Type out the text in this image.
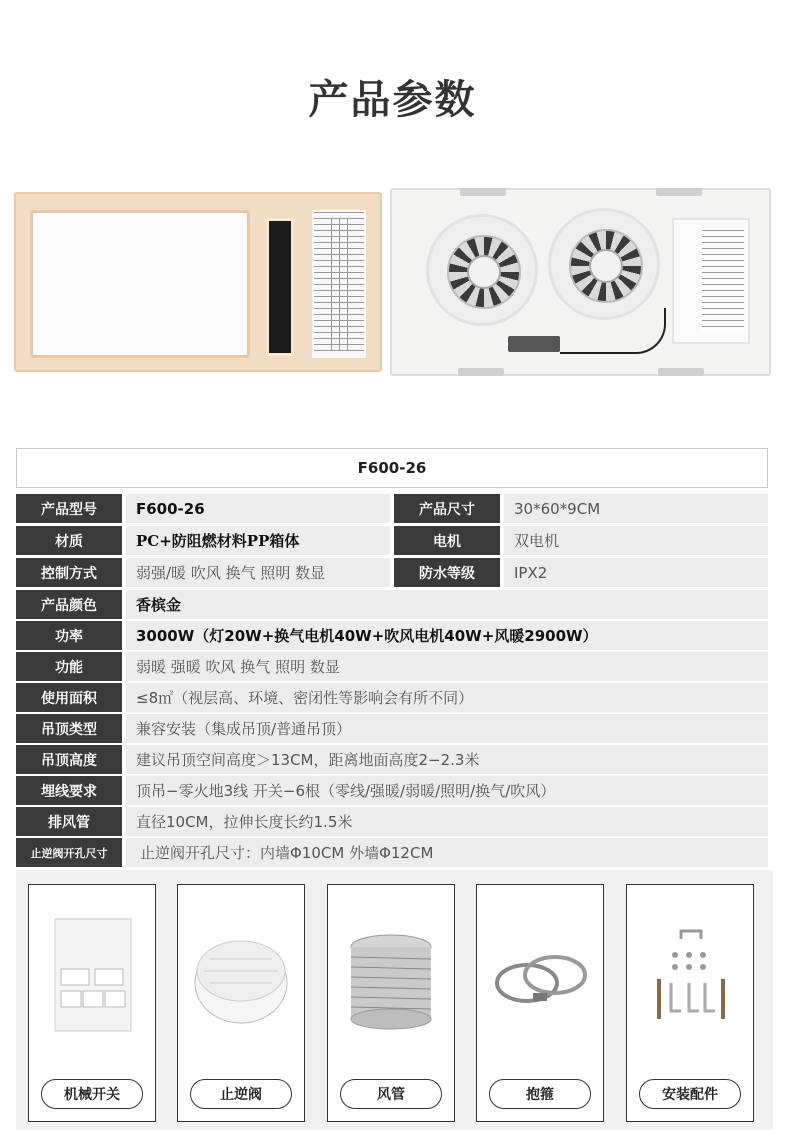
产品参数
F600-26
产品型号	F600-26	产品尺寸	30*60*9CM
材质	PC+防阻燃材料PP箱体	电机	双电机
控制方式	弱强/暖 吹风 换气 照明 数显	防水等级	IPX2
产品颜色	香槟金
功率	3000W（灯20W+换气电机40W+吹风电机40W+风暖2900W）
功能	弱暖 强暖 吹风 换气 照明 数显
使用面积	≤8㎡（视层高、环境、密闭性等影响会有所不同）
吊顶类型	兼容安装（集成吊顶/普通吊顶）
吊顶高度	建议吊顶空间高度＞13CM，距离地面高度2−2.3米
埋线要求	顶吊−零火地3线 开关−6根（零线/强暖/弱暖/照明/换气/吹风）
排风管	直径10CM，拉伸长度长约1.5米
止逆阀开孔尺寸	止逆阀开孔尺寸：内墙Φ10CM 外墙Φ12CM
机械开关	止逆阀	风管	抱箍	安装配件
